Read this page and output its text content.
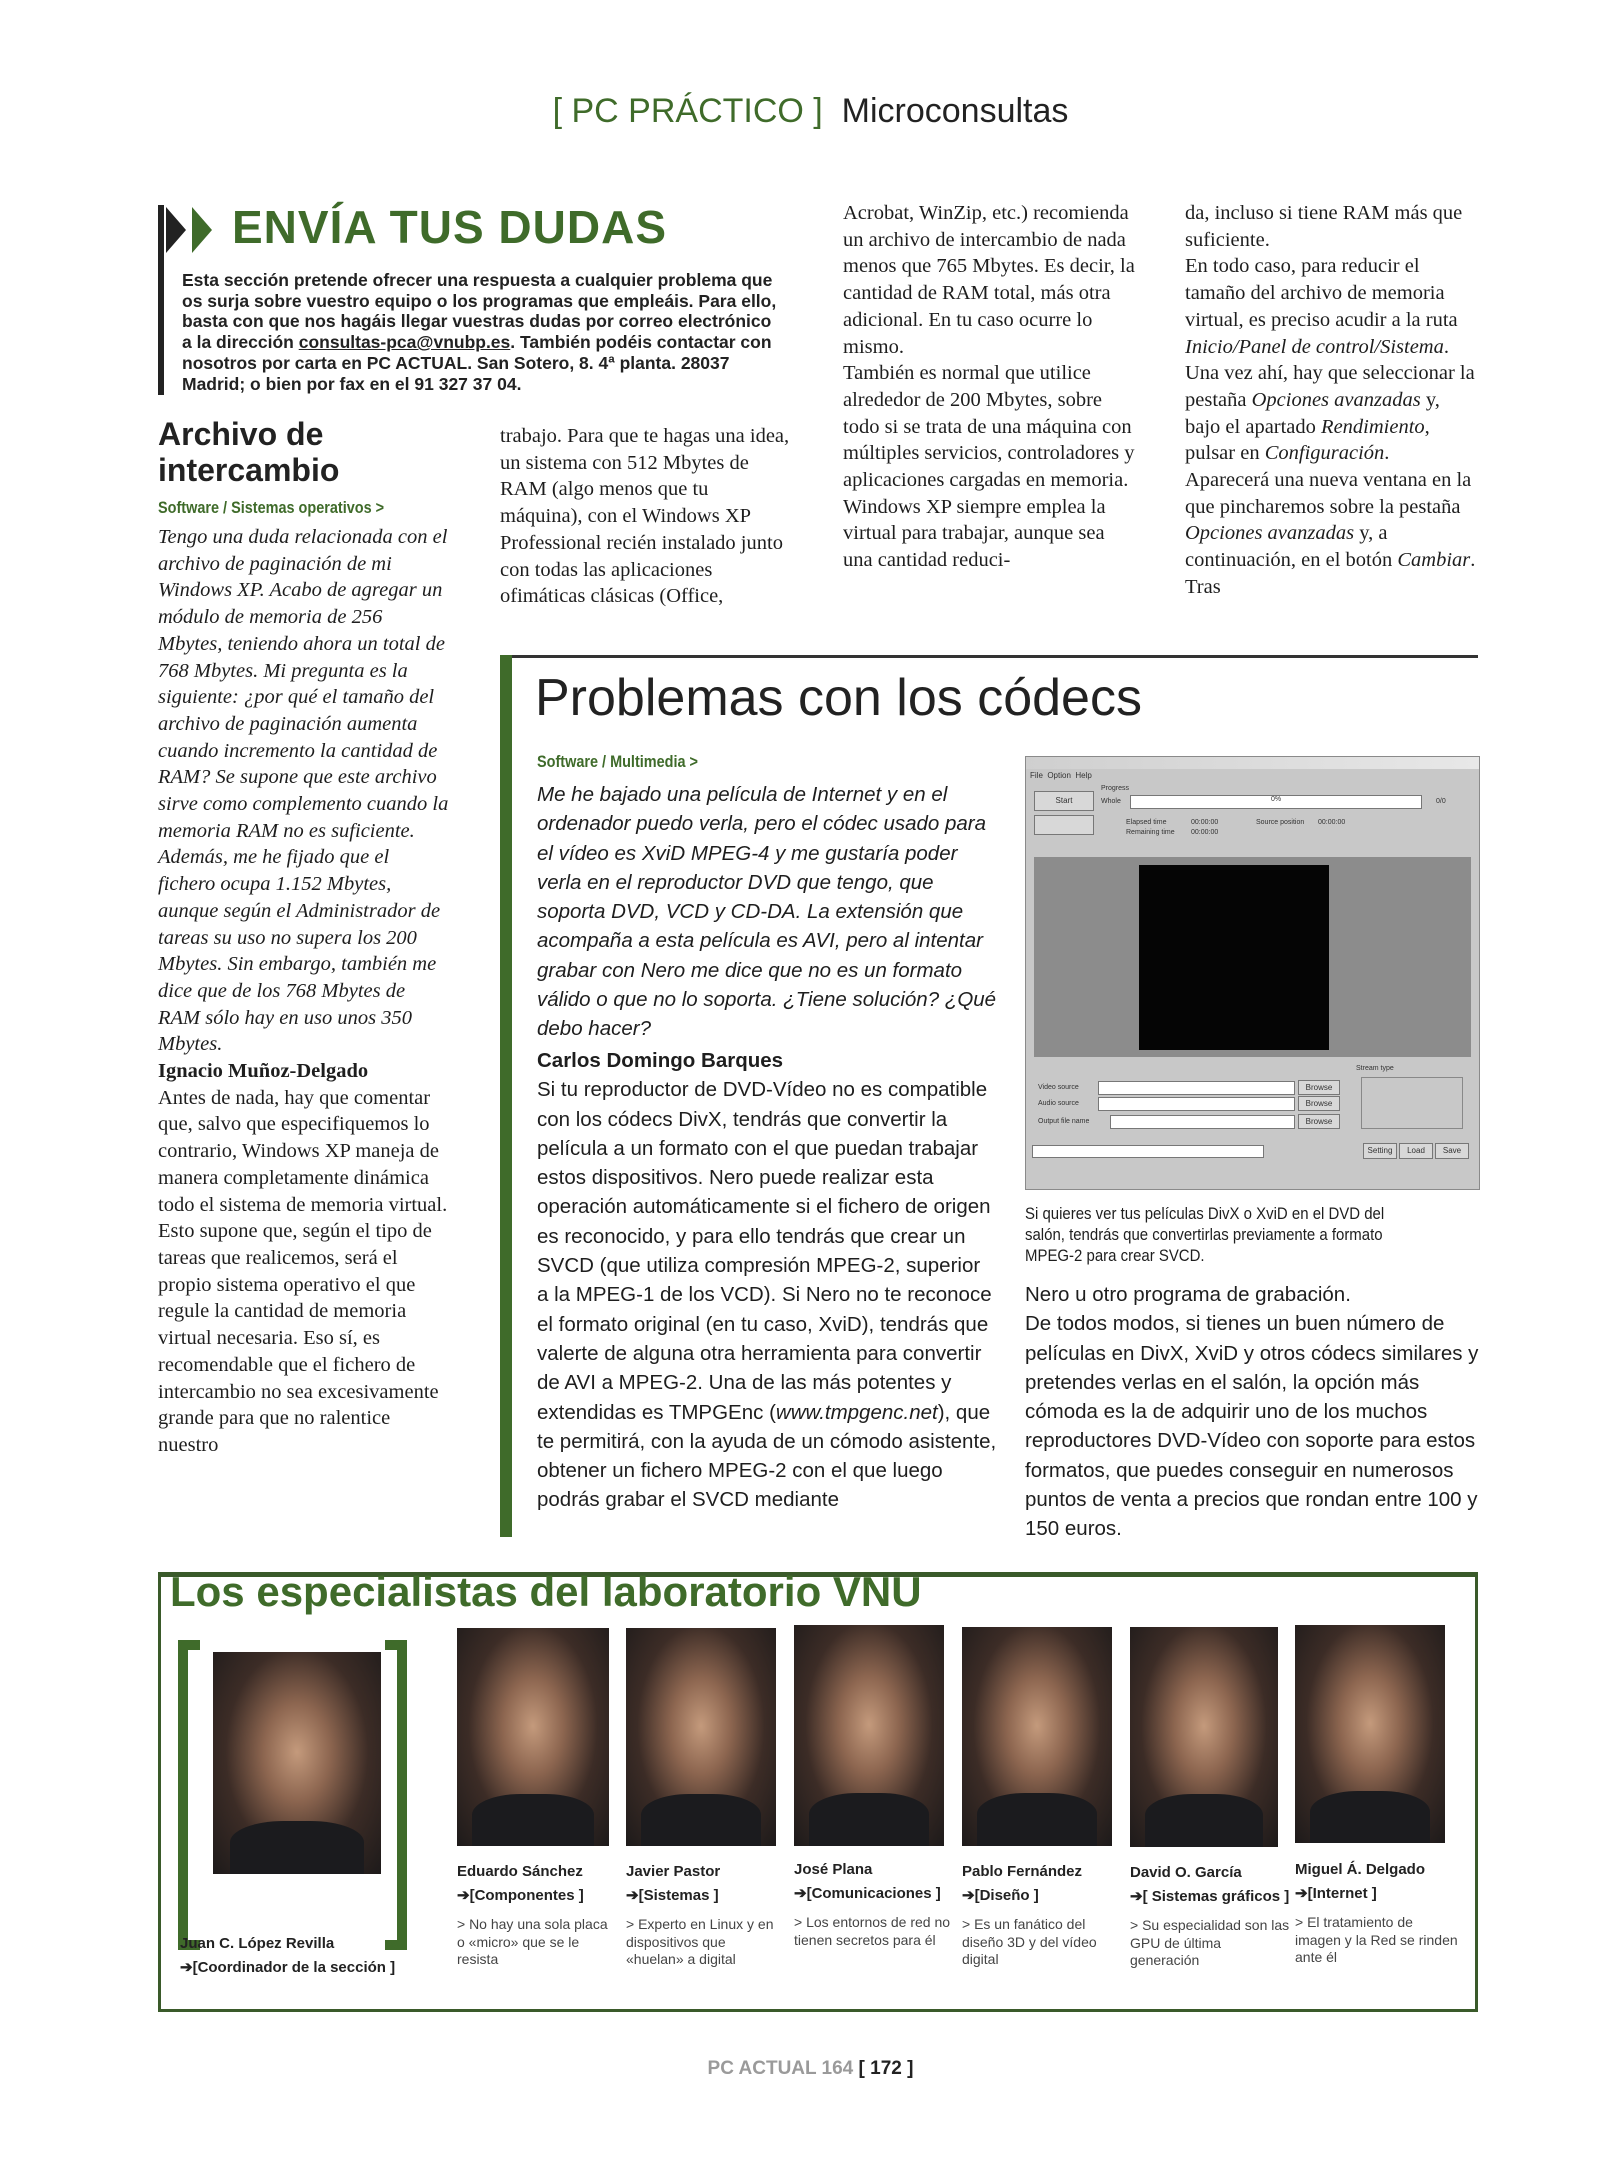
[ PC PRÁCTICO ] Microconsultas
ENVÍA TUS DUDAS
Esta sección pretende ofrecer una respuesta a cualquier problema que os surja sobre vuestro equipo o los programas que empleáis. Para ello, basta con que nos hagáis llegar vuestras dudas por correo electrónico a la dirección consultas-pca@vnubp.es. También podéis contactar con nosotros por carta en PC ACTUAL. San Sotero, 8. 4ª planta. 28037 Madrid; o bien por fax en el 91 327 37 04.
Archivo de intercambio
Software / Sistemas operativos >

Tengo una duda relacionada con el archivo de paginación de mi Windows XP. Acabo de agregar un módulo de memoria de 256 Mbytes, teniendo ahora un total de 768 Mbytes. Mi pregunta es la siguiente: ¿por qué el tamaño del archivo de paginación aumenta cuando incremento la cantidad de RAM? Se supone que este archivo sirve como complemento cuando la memoria RAM no es suficiente. Además, me he fijado que el fichero ocupa 1.152 Mbytes, aunque según el Administrador de tareas su uso no supera los 200 Mbytes. Sin embargo, también me dice que de los 768 Mbytes de RAM sólo hay en uso unos 350 Mbytes.

Ignacio Muñoz-Delgado

Antes de nada, hay que comentar que, salvo que especifiquemos lo contrario, Windows XP maneja de manera completamente dinámica todo el sistema de memoria virtual. Esto supone que, según el tipo de tareas que realicemos, será el propio sistema operativo el que regule la cantidad de memoria virtual necesaria. Eso sí, es recomendable que el fichero de intercambio no sea excesivamente grande para que no ralentice nuestro

trabajo. Para que te hagas una idea, un sistema con 512 Mbytes de RAM (algo menos que tu máquina), con el Windows XP Professional recién instalado junto con todas las aplicaciones ofimáticas clásicas (Office,

Acrobat, WinZip, etc.) recomienda un archivo de intercambio de nada menos que 765 Mbytes. Es decir, la cantidad de RAM total, más otra adicional. En tu caso ocurre lo mismo.

También es normal que utilice alrededor de 200 Mbytes, sobre todo si se trata de una máquina con múltiples servicios, controladores y aplicaciones cargadas en memoria. Windows XP siempre emplea la virtual para trabajar, aunque sea una cantidad reduci-

da, incluso si tiene RAM más que suficiente.

En todo caso, para reducir el tamaño del archivo de memoria virtual, es preciso acudir a la ruta Inicio/Panel de control/Sistema. Una vez ahí, hay que seleccionar la pestaña Opciones avanzadas y, bajo el apartado Rendimiento, pulsar en Configuración. Aparecerá una nueva ventana en la que pincharemos sobre la pestaña Opciones avanzadas y, a continuación, en el botón Cambiar. Tras

Problemas con los códecs
Software / Multimedia >
Me he bajado una película de Internet y en el ordenador puedo verla, pero el códec usado para el vídeo es XviD MPEG-4 y me gustaría poder verla en el reproductor DVD que tengo, que soporta DVD, VCD y CD-DA. La extensión que acompaña a esta película es AVI, pero al intentar grabar con Nero me dice que no es un formato válido o que no lo soporta. ¿Tiene solución? ¿Qué debo hacer?
Carlos Domingo Barques
Si tu reproductor de DVD-Vídeo no es compatible con los códecs DivX, tendrás que convertir la película a un formato con el que puedan trabajar estos dispositivos. Nero puede realizar esta operación automáticamente si el fichero de origen es reconocido, y para ello tendrás que crear un SVCD (que utiliza compresión MPEG-2, superior a la MPEG-1 de los VCD). Si Nero no te reconoce el formato original (en tu caso, XviD), tendrás que valerte de alguna otra herramienta para convertir de AVI a MPEG-2. Una de las más potentes y extendidas es TMPGEnc (www.tmpgenc.net), que te permitirá, con la ayuda de un cómodo asistente, obtener un fichero MPEG-2 con el que luego podrás grabar el SVCD mediante
File  Option  Help
Start
Progress
Whole	0%	0/0
Elapsed time
Remaining time
00:00:00
00:00:00
Source position 00:00:00
Video source
Audio source
Output file name
Browse
Browse
Browse
Stream type
Setting	Load	Save
Si quieres ver tus películas DivX o XviD en el DVD del salón, tendrás que convertirlas previamente a formato MPEG-2 para crear SVCD.
Nero u otro programa de grabación.
De todos modos, si tienes un buen número de películas en DivX, XviD y otros códecs similares y pretendes verlas en el salón, la opción más cómoda es la de adquirir uno de los muchos reproductores DVD-Vídeo con soporte para estos formatos, que puedes conseguir en numerosos puntos de venta a precios que rondan entre 100 y 150 euros.
Los especialistas del laboratorio VNU
Juan C. López Revilla
➔[Coordinador de la sección ]
Eduardo Sánchez
➔[Componentes ]
> No hay una sola placa o «micro» que se le resista
Javier Pastor
➔[Sistemas ]
> Experto en Linux y en dispositivos que «huelan» a digital
José Plana
➔[Comunicaciones ]
> Los entornos de red no tienen secretos para él
Pablo Fernández
➔[Diseño ]
> Es un fanático del diseño 3D y del vídeo digital
David O. García
➔[ Sistemas gráficos ]
> Su especialidad son las GPU de última generación
Miguel Á. Delgado
➔[Internet ]
> El tratamiento de imagen y la Red se rinden ante él
PC ACTUAL 164 [ 172 ]
